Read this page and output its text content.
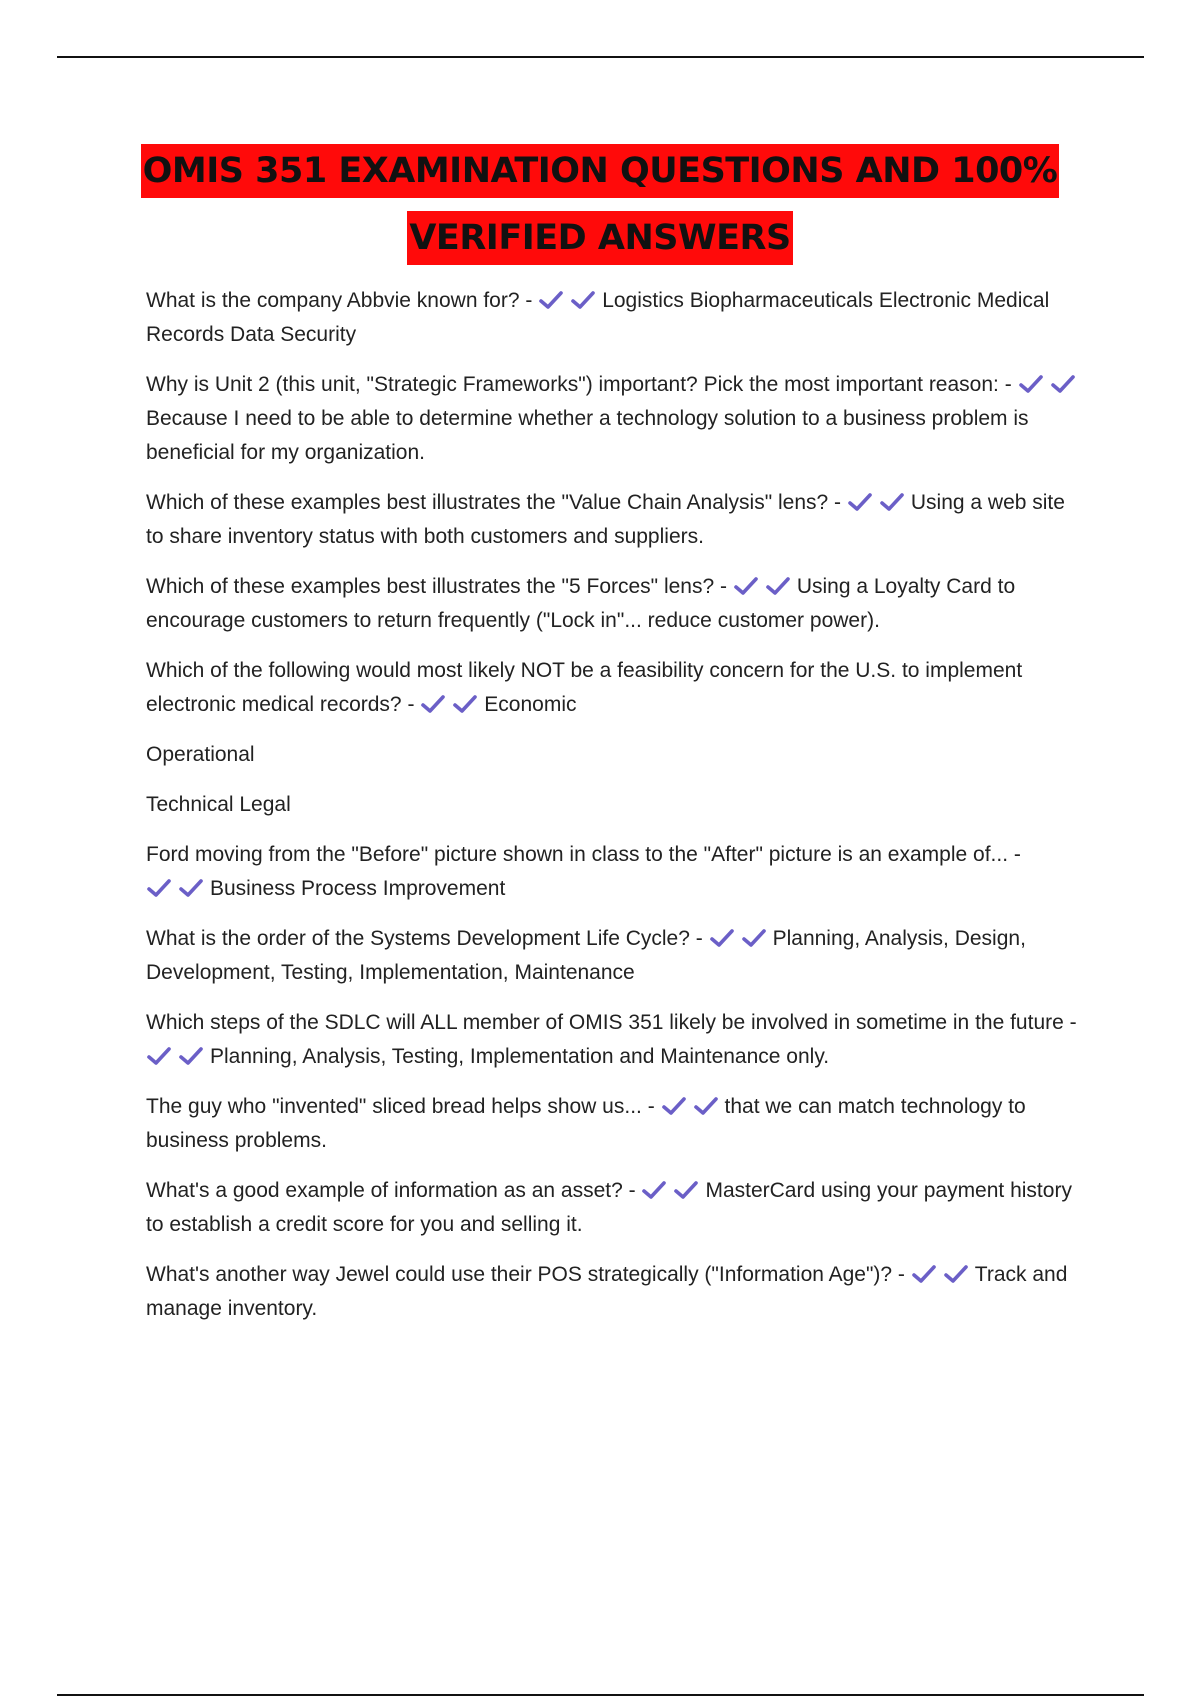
OMIS 351 EXAMINATION QUESTIONS AND 100%
VERIFIED ANSWERS

What is the company Abbvie known for? -	Logistics Biopharmaceuticals Electronic Medical Records Data Security

Why is Unit 2 (this unit, "Strategic Frameworks") important? Pick the most important reason: -
Because I need to be able to determine whether a technology solution to a business problem is beneficial for my organization.

Which of these examples best illustrates the "Value Chain Analysis" lens? -	Using a web site to share inventory status with both customers and suppliers.

Which of these examples best illustrates the "5 Forces" lens? -	Using a Loyalty Card to encourage customers to return frequently ("Lock in"... reduce customer power).

Which of the following would most likely NOT be a feasibility concern for the U.S. to implement electronic medical records? -	Economic

Operational

Technical Legal

Ford moving from the "Before" picture shown in class to the "After" picture is an example of... -
Business Process Improvement

What is the order of the Systems Development Life Cycle? -	Planning, Analysis, Design, Development, Testing, Implementation, Maintenance

Which steps of the SDLC will ALL member of OMIS 351 likely be involved in sometime in the future -
Planning, Analysis, Testing, Implementation and Maintenance only.

The guy who "invented" sliced bread helps show us... -	that we can match technology to business problems.

What's a good example of information as an asset? -	MasterCard using your payment history to establish a credit score for you and selling it.

What's another way Jewel could use their POS strategically ("Information Age")? -	Track and manage inventory.
